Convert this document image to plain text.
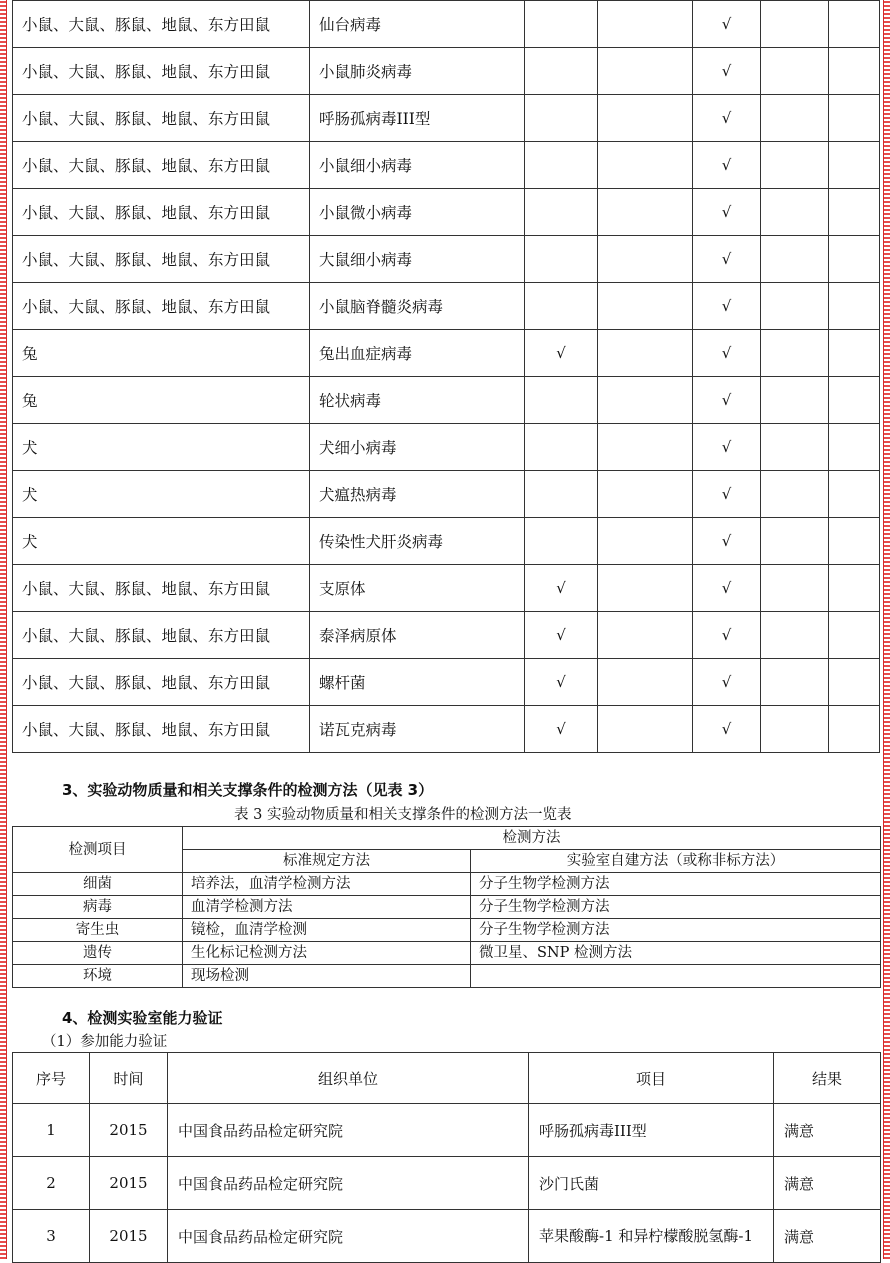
小鼠、大鼠、豚鼠、地鼠、东方田鼠	仙台病毒			√		
小鼠、大鼠、豚鼠、地鼠、东方田鼠	小鼠肺炎病毒			√		
小鼠、大鼠、豚鼠、地鼠、东方田鼠	呼肠孤病毒III型			√		
小鼠、大鼠、豚鼠、地鼠、东方田鼠	小鼠细小病毒			√		
小鼠、大鼠、豚鼠、地鼠、东方田鼠	小鼠微小病毒			√		
小鼠、大鼠、豚鼠、地鼠、东方田鼠	大鼠细小病毒			√		
小鼠、大鼠、豚鼠、地鼠、东方田鼠	小鼠脑脊髓炎病毒			√		
兔	兔出血症病毒	√		√		
兔	轮状病毒			√		
犬	犬细小病毒			√		
犬	犬瘟热病毒			√		
犬	传染性犬肝炎病毒			√		
小鼠、大鼠、豚鼠、地鼠、东方田鼠	支原体	√		√		
小鼠、大鼠、豚鼠、地鼠、东方田鼠	泰泽病原体	√		√		
小鼠、大鼠、豚鼠、地鼠、东方田鼠	螺杆菌	√		√		
小鼠、大鼠、豚鼠、地鼠、东方田鼠	诺瓦克病毒	√		√		
3、实验动物质量和相关支撑条件的检测方法（见表 3）
表 3 实验动物质量和相关支撑条件的检测方法一览表
检测项目	检测方法	
	标准规定方法	实验室自建方法（或称非标方法）
细菌	培养法，血清学检测方法	分子生物学检测方法
病毒	血清学检测方法	分子生物学检测方法
寄生虫	镜检，血清学检测	分子生物学检测方法
遗传	生化标记检测方法	微卫星、SNP 检测方法
环境	现场检测	
4、检测实验室能力验证
（1）参加能力验证
序号	时间	组织单位	项目	结果
1	2015	中国食品药品检定研究院	呼肠孤病毒III型	满意
2	2015	中国食品药品检定研究院	沙门氏菌	满意
3	2015	中国食品药品检定研究院	苹果酸酶-1 和异柠檬酸脱氢酶-1	满意
